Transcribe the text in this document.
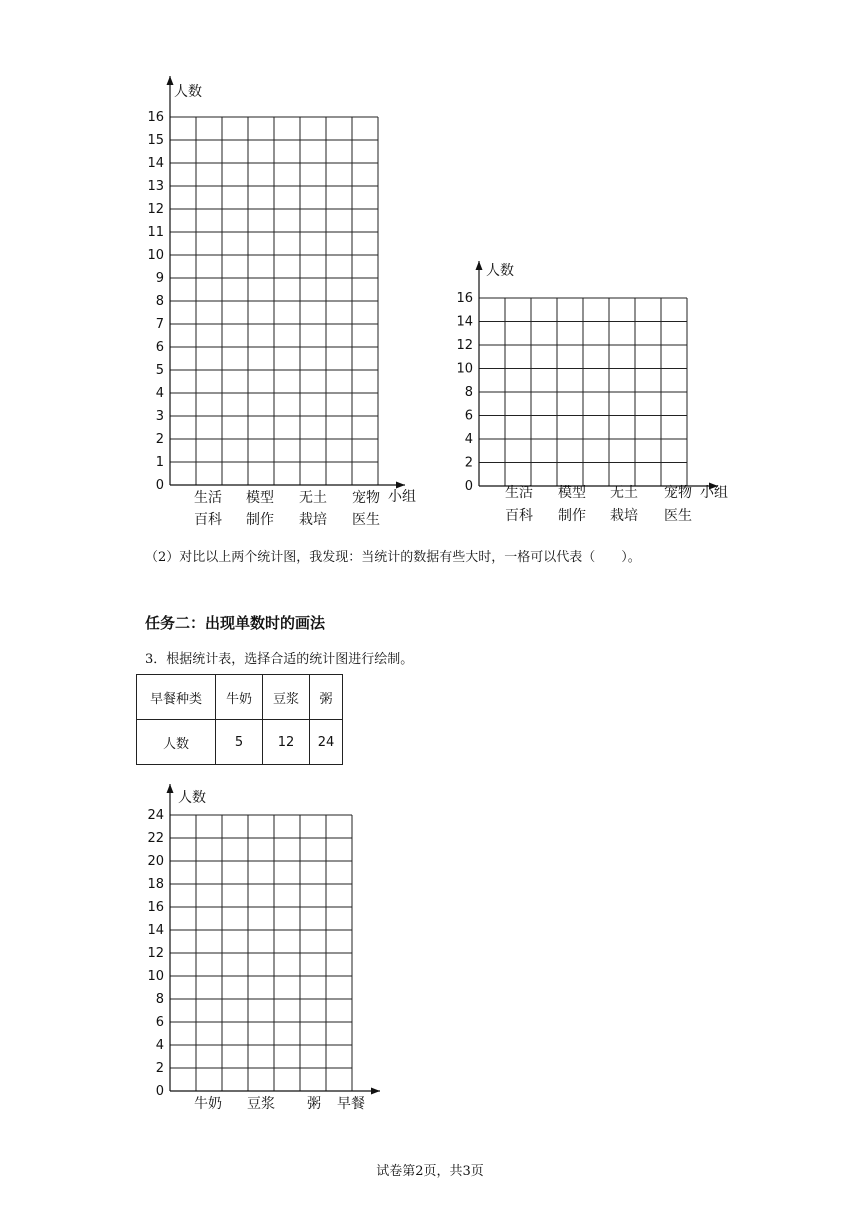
0
1
2
3
4
5
6
7
8
9
10
11
12
13
14
15
16
人数
小组
生活
百科
模型
制作
无土
栽培
宠物
医生
0
2
4
6
8
10
12
14
16
人数
小组
生活
百科
模型
制作
无土
栽培
宠物
医生
（2）对比以上两个统计图，我发现：当统计的数据有些大时，一格可以代表（　　）。
任务二：出现单数时的画法
3．根据统计表，选择合适的统计图进行绘制。
早餐种类	牛奶	豆浆	粥
人数	5	12	24
0
2
4
6
8
10
12
14
16
18
20
22
24
人数
早餐
牛奶 豆浆 粥
试卷第2页，共3页
